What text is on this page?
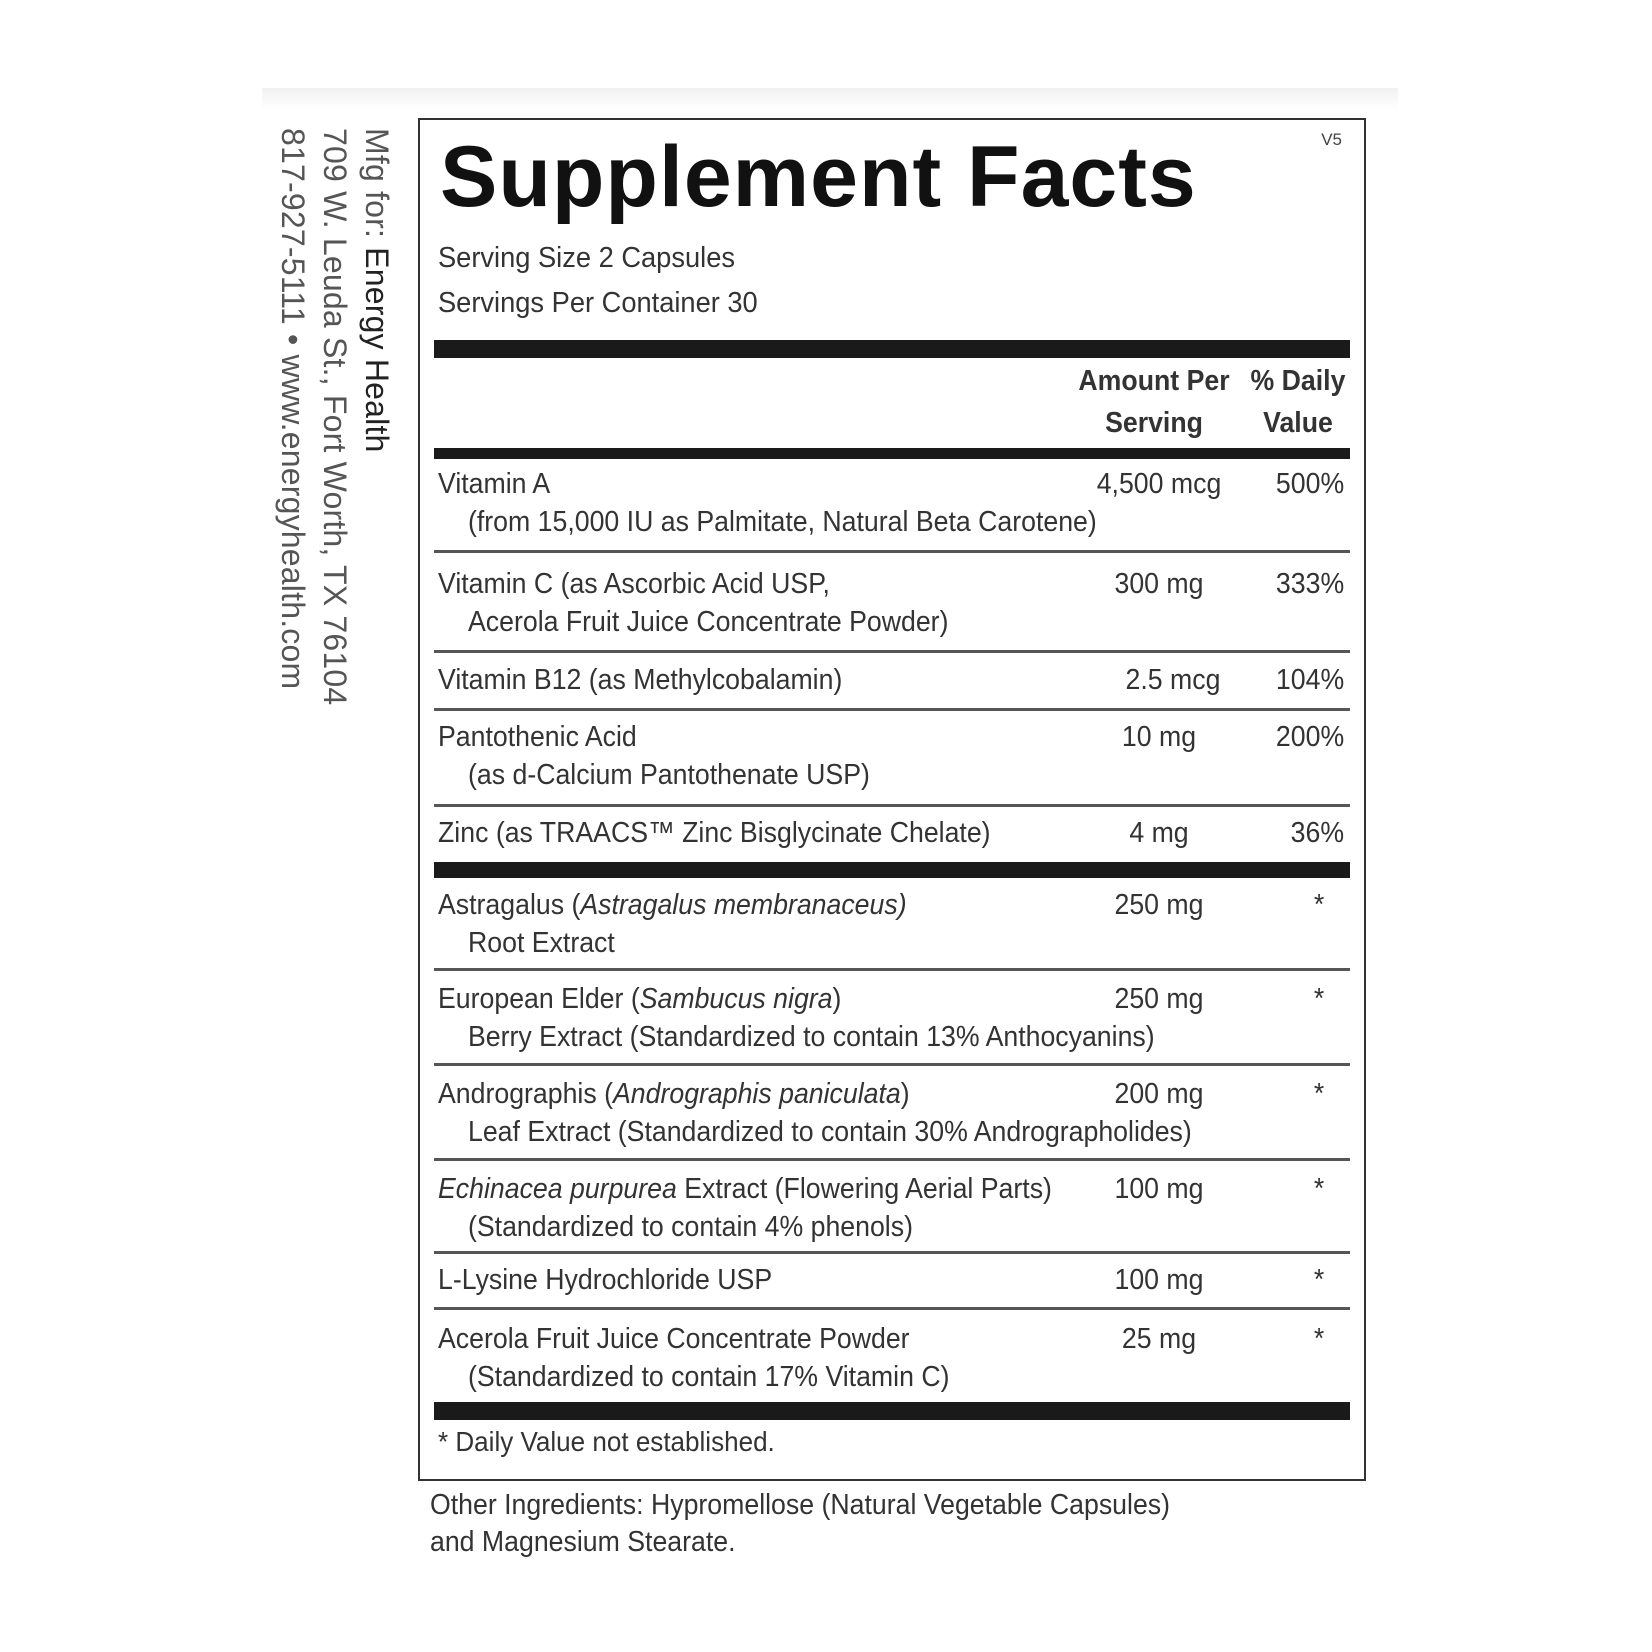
Mfg for: Energy Health
709 W. Leuda St., Fort Worth, TX 76104
817-927-5111 • www.energyhealth.com	V5
Supplement Facts
Serving Size 2 Capsules
Servings Per Container 30
Amount Per
Serving
% Daily
Value
Vitamin A
(from 15,000 IU as Palmitate, Natural Beta Carotene)
4,500 mcg 500%
Vitamin C (as Ascorbic Acid USP,
Acerola Fruit Juice Concentrate Powder)
300 mg	333%
Vitamin B12 (as Methylcobalamin)	2.5 mcg	104%
Pantothenic Acid
(as d-Calcium Pantothenate USP)
10 mg	200%
Zinc (as TRAACS™ Zinc Bisglycinate Chelate)	4 mg	36%
Astragalus (Astragalus membranaceus)
Root Extract
250 mg	*
European Elder (Sambucus nigra)
Berry Extract (Standardized to contain 13% Anthocyanins)
250 mg	*
Andrographis (Andrographis paniculata)
Leaf Extract (Standardized to contain 30% Andrographolides)
200 mg	*
Echinacea purpurea Extract (Flowering Aerial Parts)
(Standardized to contain 4% phenols)
100 mg	*
L-Lysine Hydrochloride USP	100 mg	*
Acerola Fruit Juice Concentrate Powder
(Standardized to contain 17% Vitamin C)
25 mg	*
* Daily Value not established.
Other Ingredients: Hypromellose (Natural Vegetable Capsules)
and Magnesium Stearate.
